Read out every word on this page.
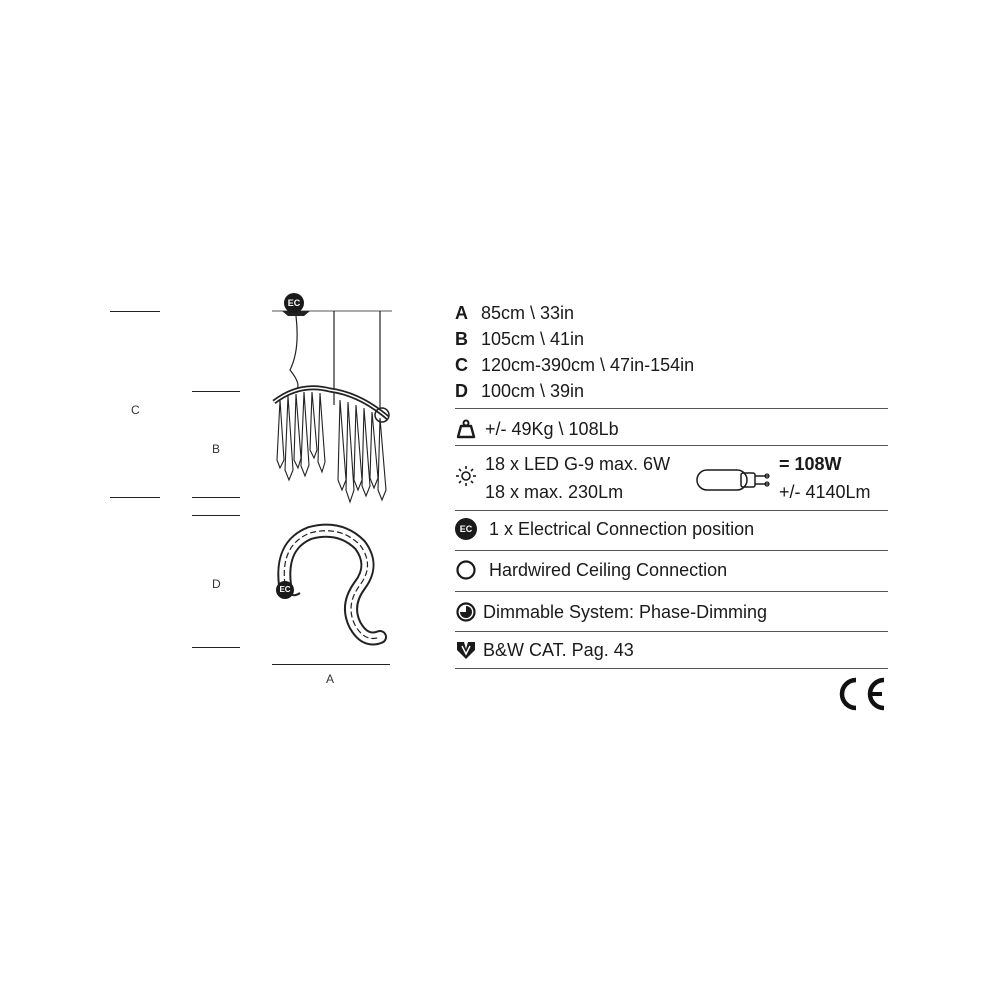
C
B
D
A
EC
EC
A 85cm \ 33in
B 105cm \ 41in
C 120cm-390cm \ 47in-154in
D 100cm \ 39in
+/- 49Kg \ 108Lb
18 x LED G-9 max. 6W
18 x max. 230Lm
= 108W
+/- 4140Lm
EC 1 x Electrical Connection position
Hardwired Ceiling Connection
Dimmable System: Phase-Dimming
B&W CAT. Pag. 43
